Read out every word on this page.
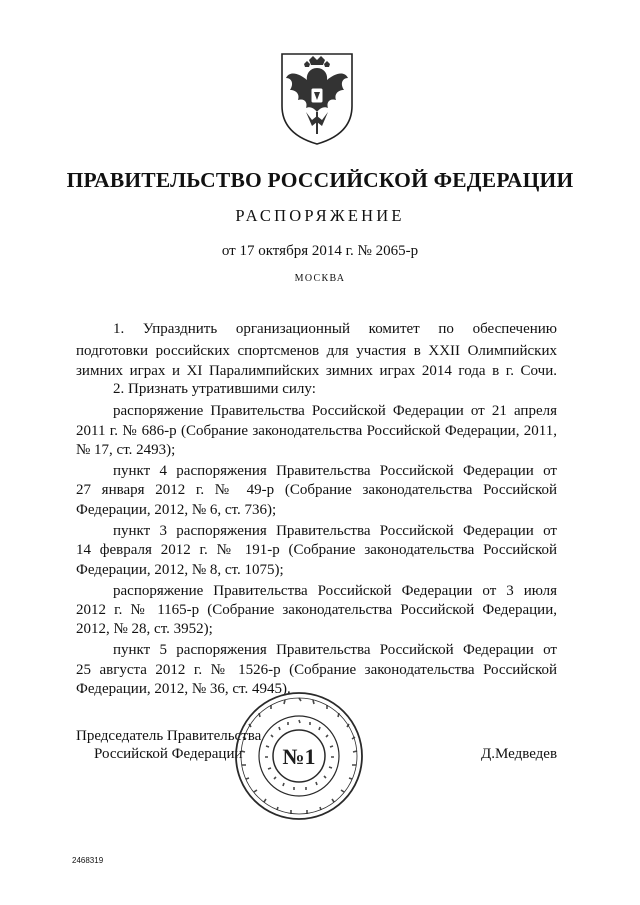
ПРАВИТЕЛЬСТВО РОССИЙСКОЙ ФЕДЕРАЦИИ
РАСПОРЯЖЕНИЕ
от 17 октября 2014 г. № 2065-р
МОСКВА
1. Упразднить организационный комитет по обеспечению
подготовки российских спортсменов для участия в XXII Олимпийских
зимних играх и XI Паралимпийских зимних играх 2014 года в г. Сочи.
2. Признать утратившими силу:
распоряжение Правительства Российской Федерации от 21 апреля
2011 г. № 686-р (Собрание законодательства Российской Федерации, 2011,
№ 17, ст. 2493);
пункт 4 распоряжения Правительства Российской Федерации от
27 января 2012 г. № 49-р (Собрание законодательства Российской
Федерации, 2012, № 6, ст. 736);
пункт 3 распоряжения Правительства Российской Федерации от
14 февраля 2012 г. № 191-р (Собрание законодательства Российской
Федерации, 2012, № 8, ст. 1075);
распоряжение Правительства Российской Федерации от 3 июля
2012 г. № 1165-р (Собрание законодательства Российской Федерации,
2012, № 28, ст. 3952);
пункт 5 распоряжения Правительства Российской Федерации от
25 августа 2012 г. № 1526-р (Собрание законодательства Российской
Федерации, 2012, № 36, ст. 4945).
Председатель Правительства
Российской Федерации	Д.Медведев
№1
2468319
